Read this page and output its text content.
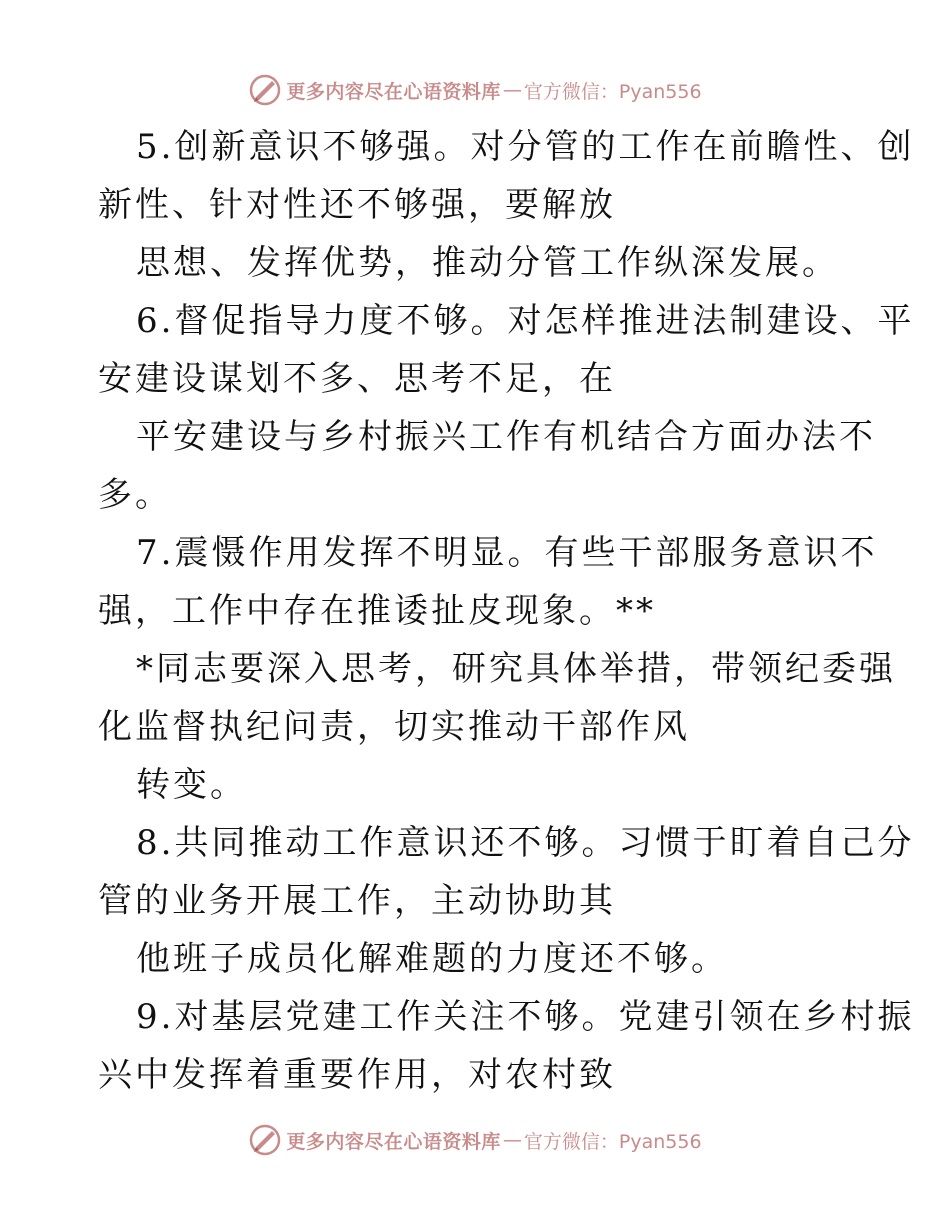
更多内容尽在心语资料库 — 官方微信：Pyan556
5.创新意识不够强。对分管的工作在前瞻性、创
新性、针对性还不够强，要解放
思想、发挥优势，推动分管工作纵深发展。
6.督促指导力度不够。对怎样推进法制建设、平
安建设谋划不多、思考不足，在
平安建设与乡村振兴工作有机结合方面办法不
多。
7.震慑作用发挥不明显。有些干部服务意识不
强，工作中存在推诿扯皮现象。**
*同志要深入思考，研究具体举措，带领纪委强
化监督执纪问责，切实推动干部作风
转变。
8.共同推动工作意识还不够。习惯于盯着自己分
管的业务开展工作，主动协助其
他班子成员化解难题的力度还不够。
9.对基层党建工作关注不够。党建引领在乡村振
兴中发挥着重要作用，对农村致
更多内容尽在心语资料库 — 官方微信：Pyan556
